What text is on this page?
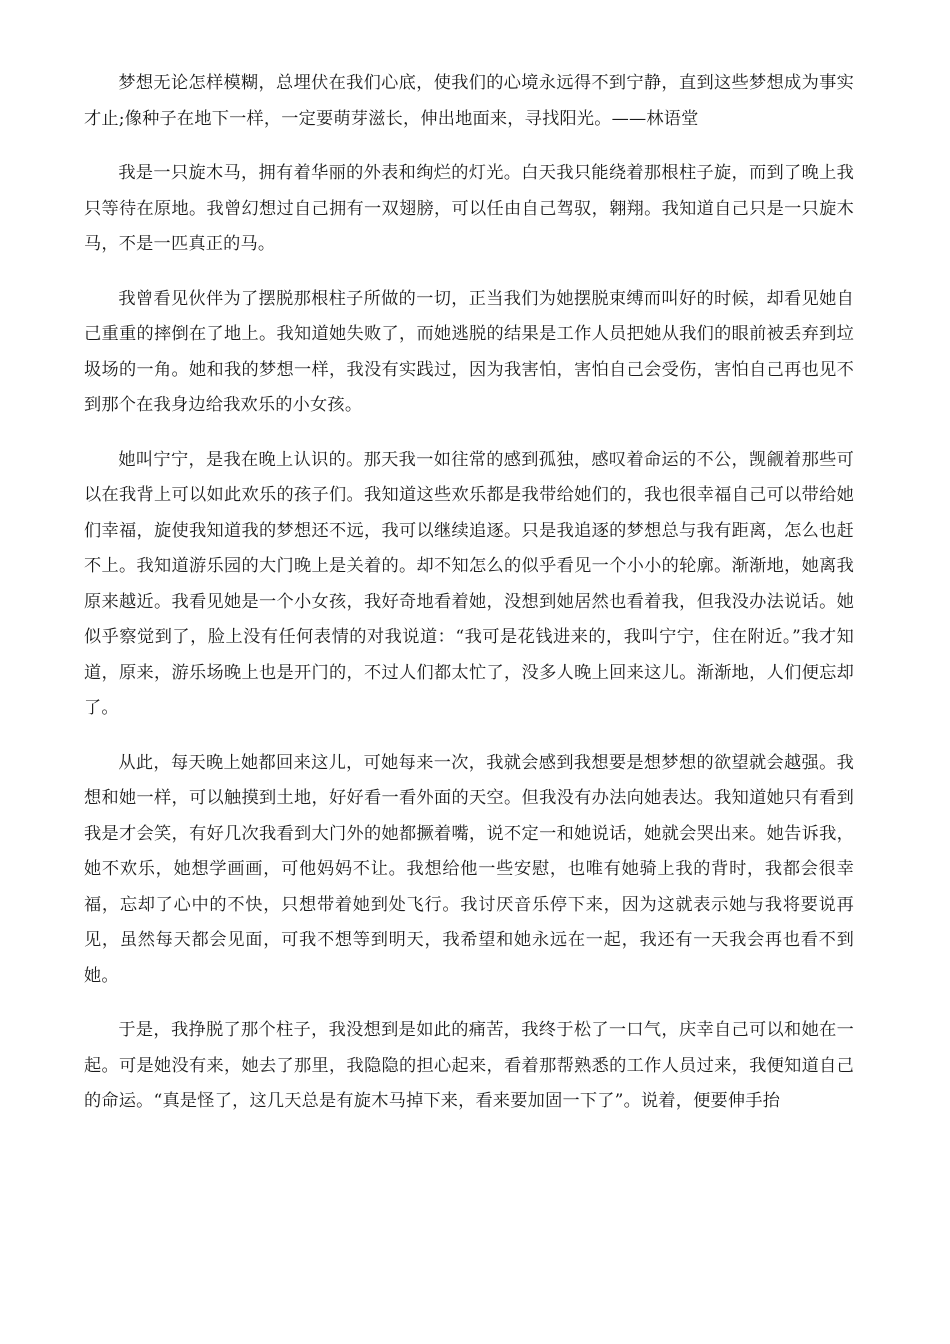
梦想无论怎样模糊，总埋伏在我们心底，使我们的心境永远得不到宁静，直到这些梦想成为事实才止;像种子在地下一样，一定要萌芽滋长，伸出地面来，寻找阳光。——林语堂

我是一只旋木马，拥有着华丽的外表和绚烂的灯光。白天我只能绕着那根柱子旋，而到了晚上我只等待在原地。我曾幻想过自己拥有一双翅膀，可以任由自己驾驭，翱翔。我知道自己只是一只旋木马，不是一匹真正的马。

我曾看见伙伴为了摆脱那根柱子所做的一切，正当我们为她摆脱束缚而叫好的时候，却看见她自己重重的摔倒在了地上。我知道她失败了，而她逃脱的结果是工作人员把她从我们的眼前被丢弃到垃圾场的一角。她和我的梦想一样，我没有实践过，因为我害怕，害怕自己会受伤，害怕自己再也见不到那个在我身边给我欢乐的小女孩。

她叫宁宁，是我在晚上认识的。那天我一如往常的感到孤独，感叹着命运的不公，觊觎着那些可以在我背上可以如此欢乐的孩子们。我知道这些欢乐都是我带给她们的，我也很幸福自己可以带给她们幸福，旋使我知道我的梦想还不远，我可以继续追逐。只是我追逐的梦想总与我有距离，怎么也赶不上。我知道游乐园的大门晚上是关着的。却不知怎么的似乎看见一个小小的轮廓。渐渐地，她离我原来越近。我看见她是一个小女孩，我好奇地看着她，没想到她居然也看着我，但我没办法说话。她似乎察觉到了，脸上没有任何表情的对我说道：“我可是花钱进来的，我叫宁宁，住在附近。”我才知道，原来，游乐场晚上也是开门的，不过人们都太忙了，没多人晚上回来这儿。渐渐地，人们便忘却了。

从此，每天晚上她都回来这儿，可她每来一次，我就会感到我想要是想梦想的欲望就会越强。我想和她一样，可以触摸到土地，好好看一看外面的天空。但我没有办法向她表达。我知道她只有看到我是才会笑，有好几次我看到大门外的她都撅着嘴，说不定一和她说话，她就会哭出来。她告诉我，她不欢乐，她想学画画，可他妈妈不让。我想给他一些安慰，也唯有她骑上我的背时，我都会很幸福，忘却了心中的不快，只想带着她到处飞行。我讨厌音乐停下来，因为这就表示她与我将要说再见，虽然每天都会见面，可我不想等到明天，我希望和她永远在一起，我还有一天我会再也看不到她。

于是，我挣脱了那个柱子，我没想到是如此的痛苦，我终于松了一口气，庆幸自己可以和她在一起。可是她没有来，她去了那里，我隐隐的担心起来，看着那帮熟悉的工作人员过来，我便知道自己的命运。“真是怪了，这几天总是有旋木马掉下来，看来要加固一下了”。说着，便要伸手抬
